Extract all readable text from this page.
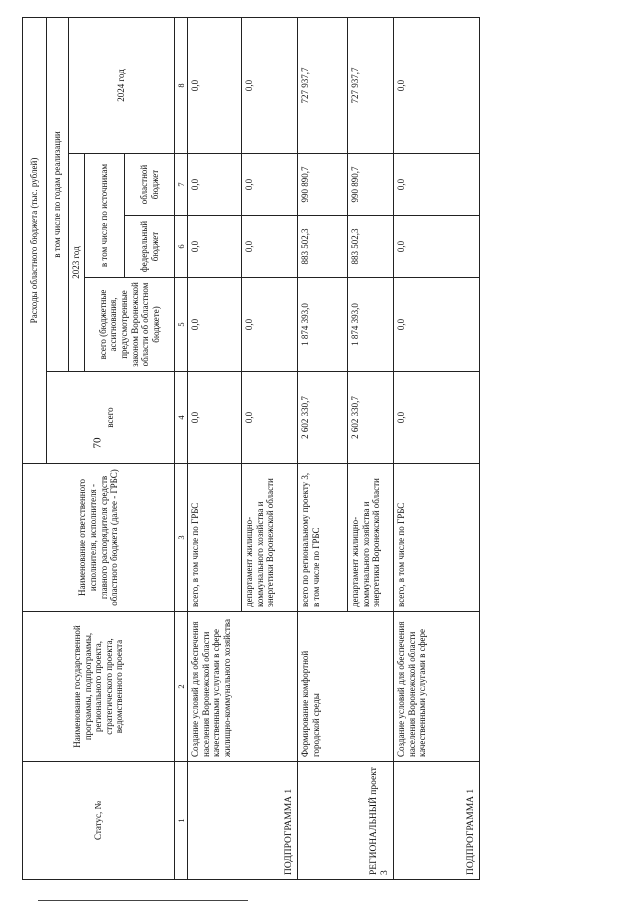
70
Статус, №	Наименование государственной программы, подпрограммы, регионального проекта, стратегического проекта, ведомственного проекта	Наименование ответственного исполнителя, исполнителя - главного распорядителя средств областного бюджета (далее - ГРБС)	Расходы областного бюджета (тыс. рублей)				
			всего	в том числе по годам реализации			
				2023 год			2024 год
				всего (бюджетные ассигнования, предусмотренные законом Воронежской области об областном бюджете)	в том числе по источникам		
					федеральный бюджет	областной бюджет	
1	2	3	4	5	6	7	8
ПОДПРОГРАММА 1	Создание условий для обеспечения населения Воронежской области качественными услугами в сфере жилищно-коммунального хозяйства	всего, в том числе по ГРБС	0,0	0,0	0,0	0,0	0,0
		департамент жилищно-коммунального хозяйства и энергетики Воронежской области	0,0	0,0	0,0	0,0	0,0
РЕГИОНАЛЬНЫЙ проект 3	Формирование комфортной городской среды	всего по региональному проекту 3, в том числе по ГРБС	2 602 330,7	1 874 393,0	883 502,3	990 890,7	727 937,7
		департамент жилищно-коммунального хозяйства и энергетики Воронежской области	2 602 330,7	1 874 393,0	883 502,3	990 890,7	727 937,7
ПОДПРОГРАММА 1	Создание условий для обеспечения населения Воронежской области качественными услугами в сфере	всего, в том числе по ГРБС	0,0	0,0	0,0	0,0	0,0
